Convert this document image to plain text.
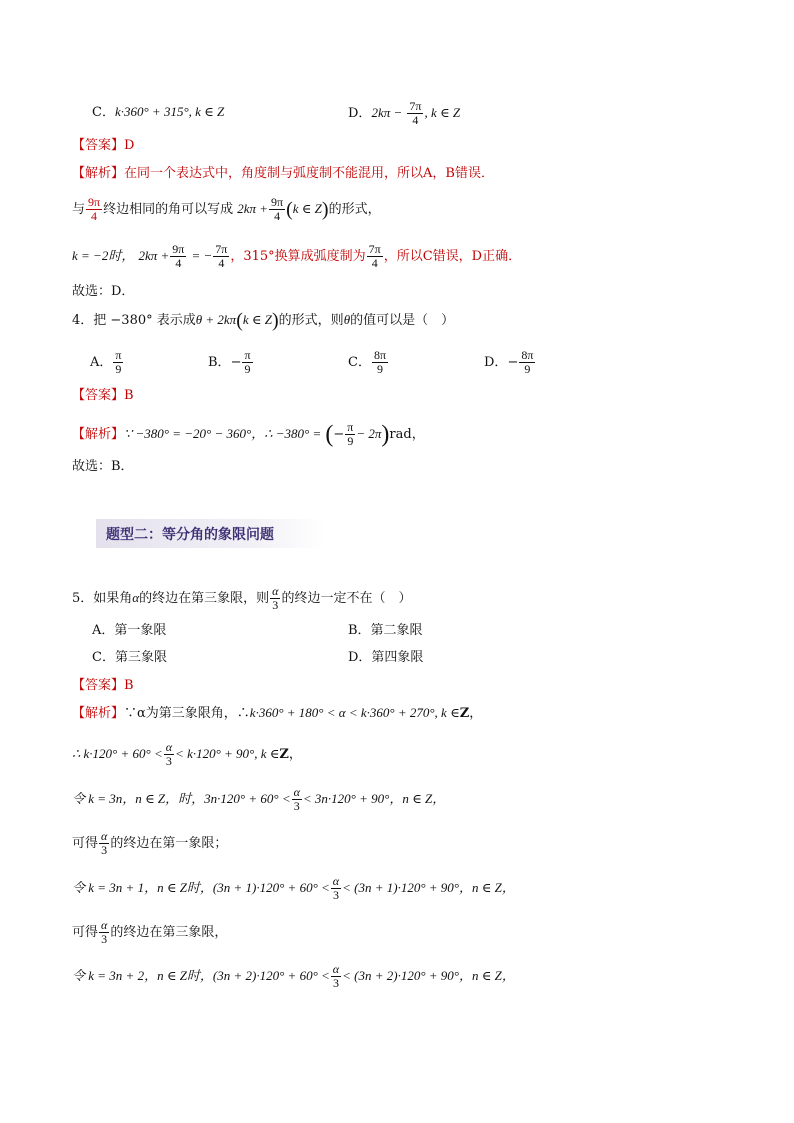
C．k·360° + 315°, k ∈ Z	D．$2k\pi - \frac{7\pi}{4}$ , k ∈ Z
【答案】D
【解析】在同一个表达式中，角度制与弧度制不能混用，所以A，B错误．
与 $\frac{9\pi}{4}$ 终边相同的角可以写成 $2k\pi + \frac{9\pi}{4} (k$ ∈ Z)的形式，
k = −2时， $2k\pi + \frac{9\pi}{4}$ = − $\frac{7\pi}{4}$ ，315°换算成弧度制为 $\frac{7\pi}{4}$ ，所以C错误，D正确．
故选：D．
4．把 −380° 表示成θ + 2kπ(k ∈ Z)的形式，则θ的值可以是（　）
A． $\frac{\pi}{9}$	B．− $\frac{\pi}{9}$	C． $\frac{8\pi}{9}$	D．− $\frac{8\pi}{9}$
【答案】B
【解析】∵ −380° = −20° − 360°，∴ −380° = (− $\frac{\pi}{9} - 2\pi)rad$，
故选：B．
题型二：等分角的象限问题
5．如果角α的终边在第三象限，则 $\frac{\alpha}{3}$ 的终边一定不在（　）
A．第一象限	B．第二象限
C．第三象限	D．第四象限
【答案】B
【解析】∵α为第三象限角，∴k·360° + 180° < α < k·360° + 270°, k ∈Z，
∴ $k\cdot 120^\circ + 60^\circ < \frac{\alpha}{3} < k\cdot 120^\circ + 90^\circ$, k ∈Z，
令 k = 3n，n ∈ Z，时，$3n\cdot 120^\circ + 60^\circ < \frac{\alpha}{3} < 3n\cdot 120^\circ + 90^\circ$，n ∈ Z，
可得 $\frac{\alpha}{3}$ 的终边在第一象限；
令 k = 3n + 1，n ∈ Z时，$(3n + 1)\cdot 120^\circ + 60^\circ < \frac{\alpha}{3} < (3n + 1)\cdot 120^\circ + 90^\circ$，n ∈ Z，
可得 $\frac{\alpha}{3}$ 的终边在第三象限，
令 k = 3n + 2，n ∈ Z时，$(3n + 2)\cdot 120^\circ + 60^\circ < \frac{\alpha}{3} < (3n + 2)\cdot 120^\circ + 90^\circ$，n ∈ Z，
